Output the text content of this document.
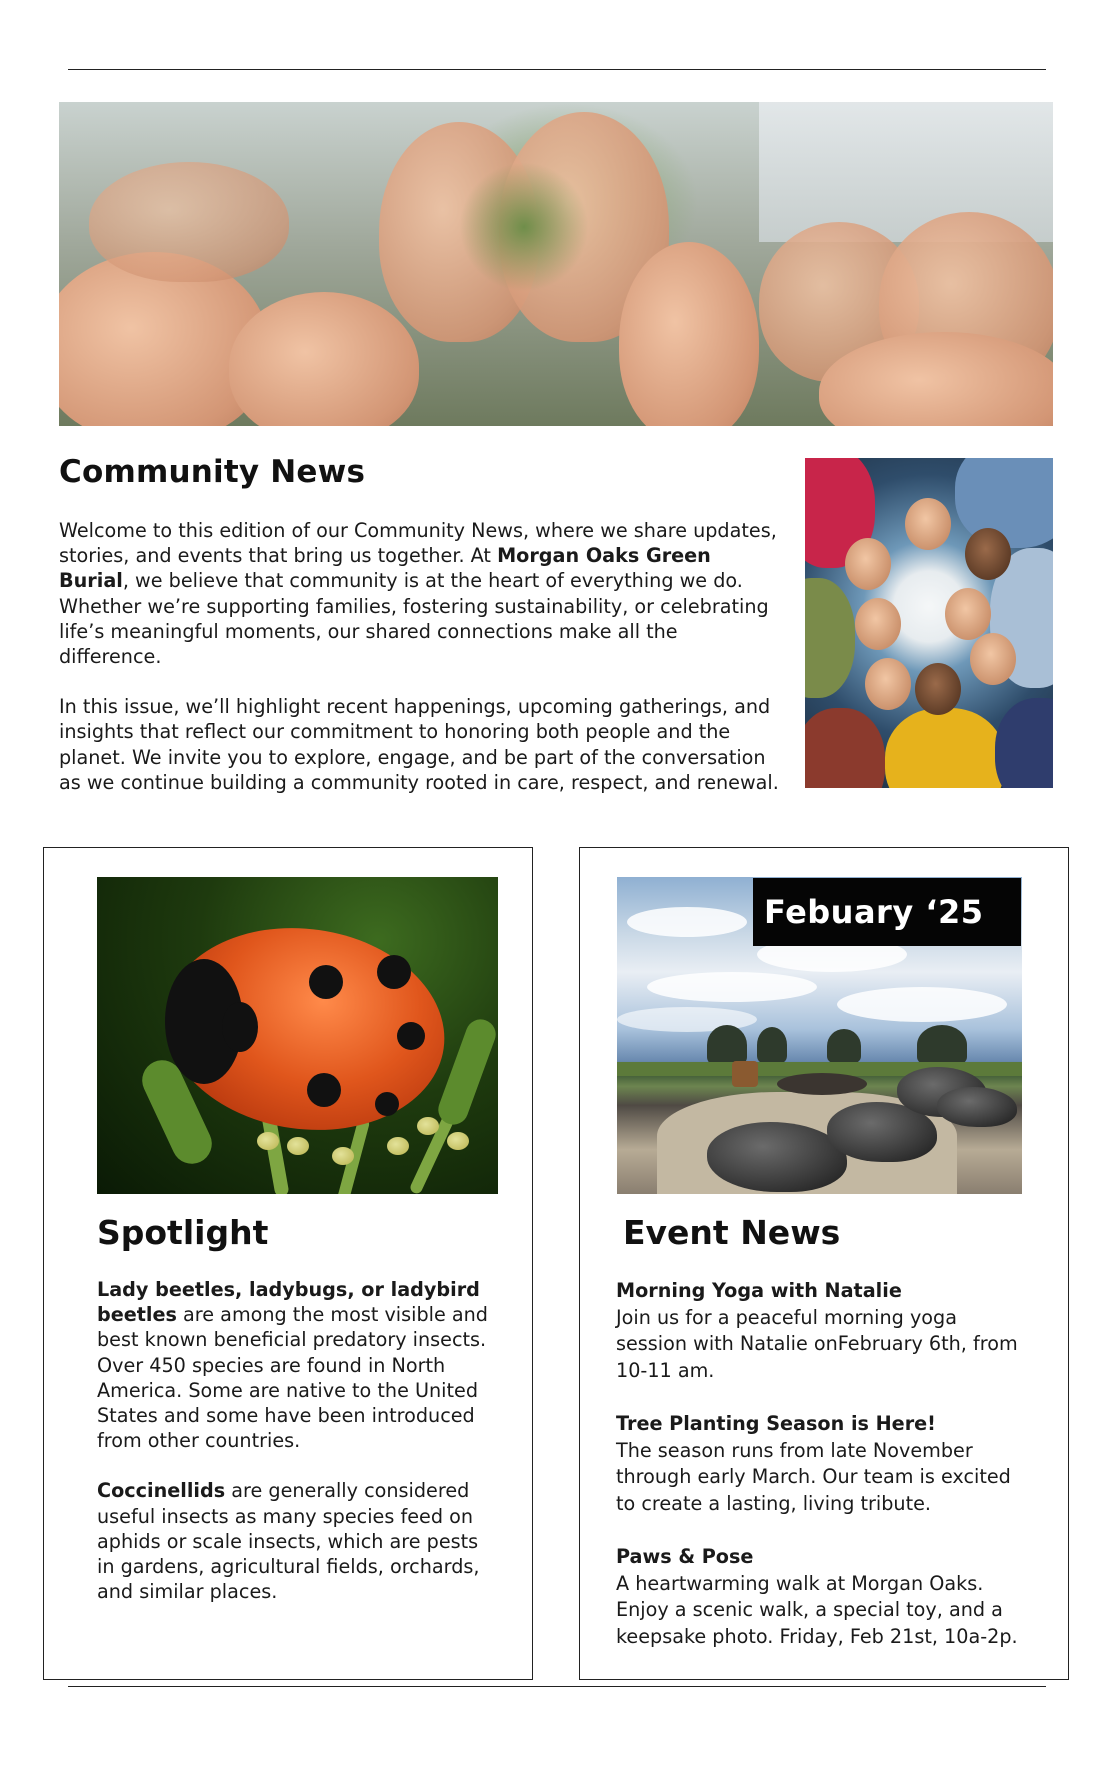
Community News

Welcome to this edition of our Community News, where we share updates, stories, and events that bring us together. At Morgan Oaks Green Burial, we believe that community is at the heart of everything we do. Whether we’re supporting families, fostering sustainability, or celebrating life’s meaningful moments, our shared connections make all the difference.

In this issue, we’ll highlight recent happenings, upcoming gatherings, and insights that reflect our commitment to honoring both people and the planet. We invite you to explore, engage, and be part of the conversation as we continue building a community rooted in care, respect, and renewal.

Spotlight

Lady beetles, ladybugs, or ladybird beetles are among the most visible and best known beneficial predatory insects. Over 450 species are found in North America. Some are native to the United States and some have been introduced from other countries.

Coccinellids are generally considered useful insects as many species feed on aphids or scale insects, which are pests in gardens, agricultural fields, orchards, and similar places.

Febuary ‘25
Event News
Morning Yoga with Natalie
Join us for a peaceful morning yoga session with Natalie onFebruary 6th, from 10-11 am.
Tree Planting Season is Here!
The season runs from late November through early March. Our team is excited to create a lasting, living tribute.
Paws & Pose
A heartwarming walk at Morgan Oaks. Enjoy a scenic walk, a special toy, and a keepsake photo. Friday, Feb 21st, 10a-2p.
